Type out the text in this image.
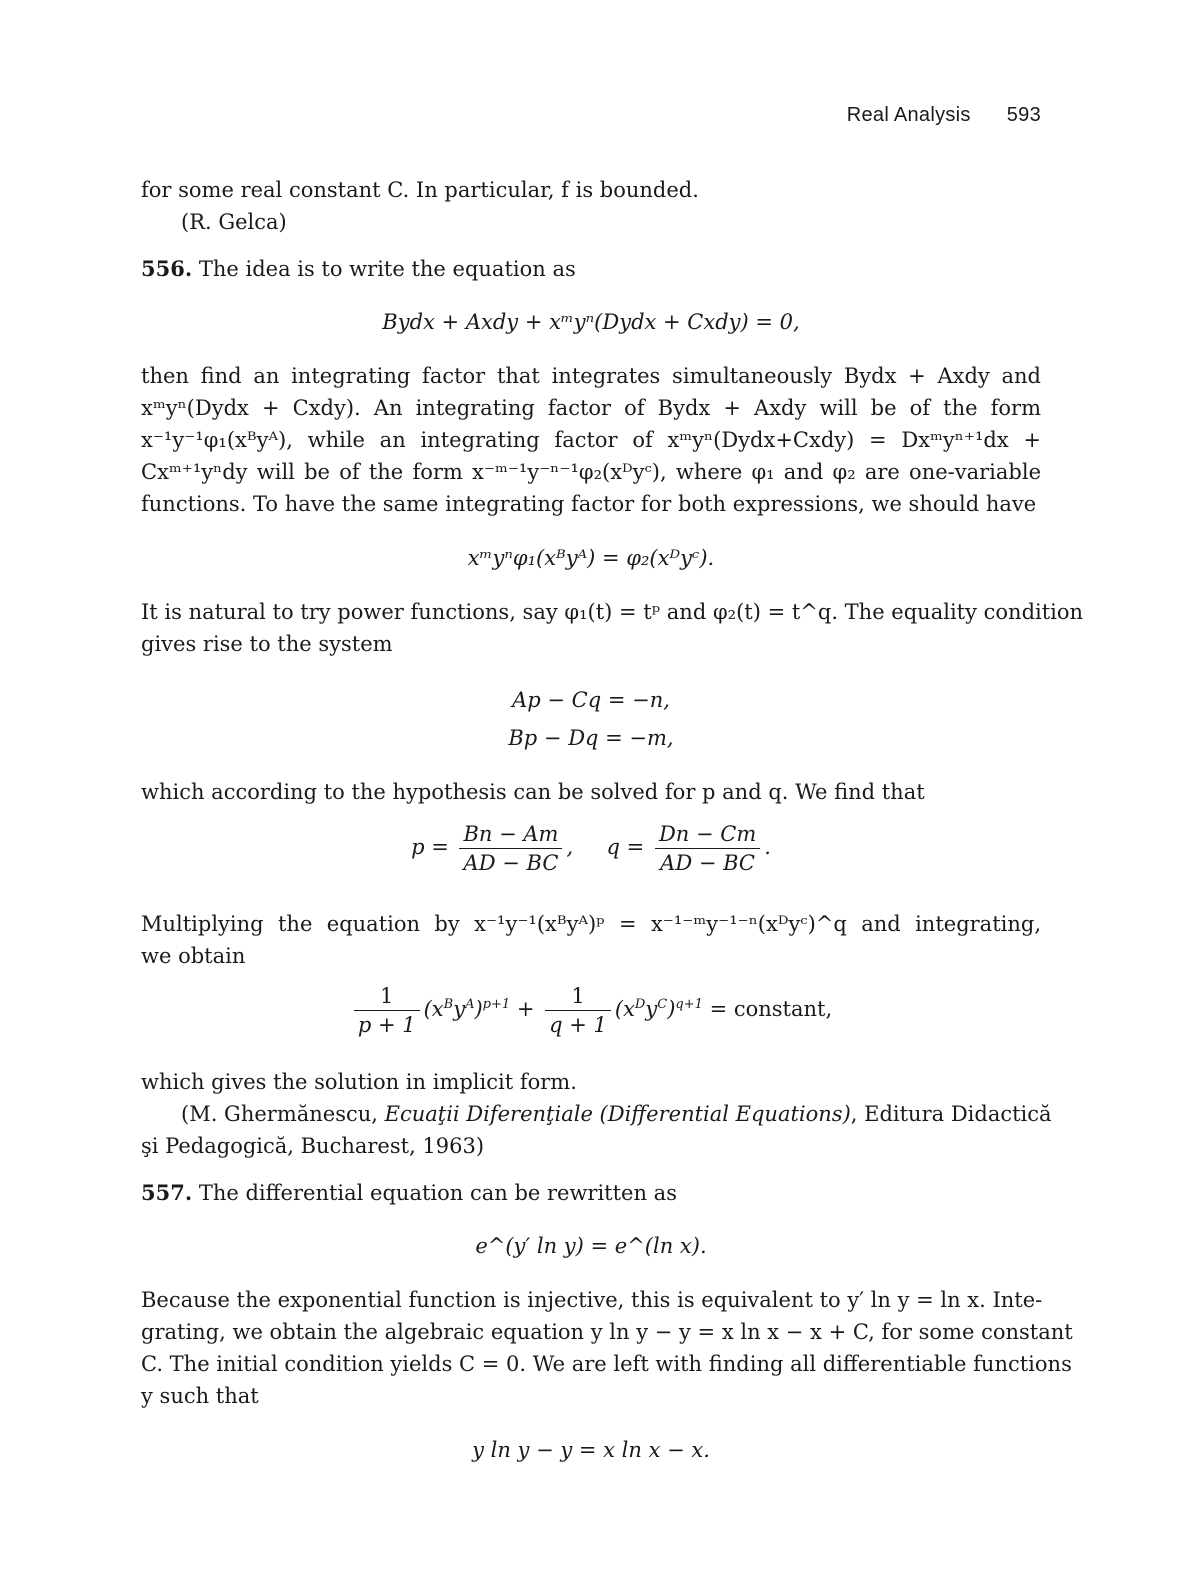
Real Analysis 593
for some real constant C. In particular, f is bounded.
(R. Gelca)
556. The idea is to write the equation as
Bydx + Axdy + xᵐyⁿ(Dydx + Cxdy) = 0,
then find an integrating factor that integrates simultaneously Bydx + Axdy and
xᵐyⁿ(Dydx + Cxdy). An integrating factor of Bydx + Axdy will be of the form
x⁻¹y⁻¹φ₁(xᴮyᴬ), while an integrating factor of xᵐyⁿ(Dydx+Cxdy) = Dxᵐyⁿ⁺¹dx +
Cxᵐ⁺¹yⁿdy will be of the form x⁻ᵐ⁻¹y⁻ⁿ⁻¹φ₂(xᴰyᶜ), where φ₁ and φ₂ are one-variable
functions. To have the same integrating factor for both expressions, we should have
xᵐyⁿφ₁(xᴮyᴬ) = φ₂(xᴰyᶜ).
It is natural to try power functions, say φ₁(t) = tᵖ and φ₂(t) = t^q. The equality condition
gives rise to the system
Ap − Cq = −n,
Bp − Dq = −m,
which according to the hypothesis can be solved for p and q. We find that
$p = \frac{Bn - Am}{AD - BC}$ ,     $q = \frac{Dn - Cm}{AD - BC}$ .
Multiplying the equation by x⁻¹y⁻¹(xᴮyᴬ)ᵖ = x⁻¹⁻ᵐy⁻¹⁻ⁿ(xᴰyᶜ)^q and integrating,
we obtain
$\frac{1}{p + 1} (x^By^A)^{p+1} + \frac{1}{q + 1} (x^Dy^C)^{q+1}$ = constant,
which gives the solution in implicit form.
(M. Ghermănescu, Ecuaţii Diferenţiale (Differential Equations), Editura Didactică
şi Pedagogică, Bucharest, 1963)
557. The differential equation can be rewritten as
e^(y′ ln y) = e^(ln x).
Because the exponential function is injective, this is equivalent to y′ ln y = ln x. Inte-
grating, we obtain the algebraic equation y ln y − y = x ln x − x + C, for some constant
C. The initial condition yields C = 0. We are left with finding all differentiable functions
y such that
y ln y − y = x ln x − x.
